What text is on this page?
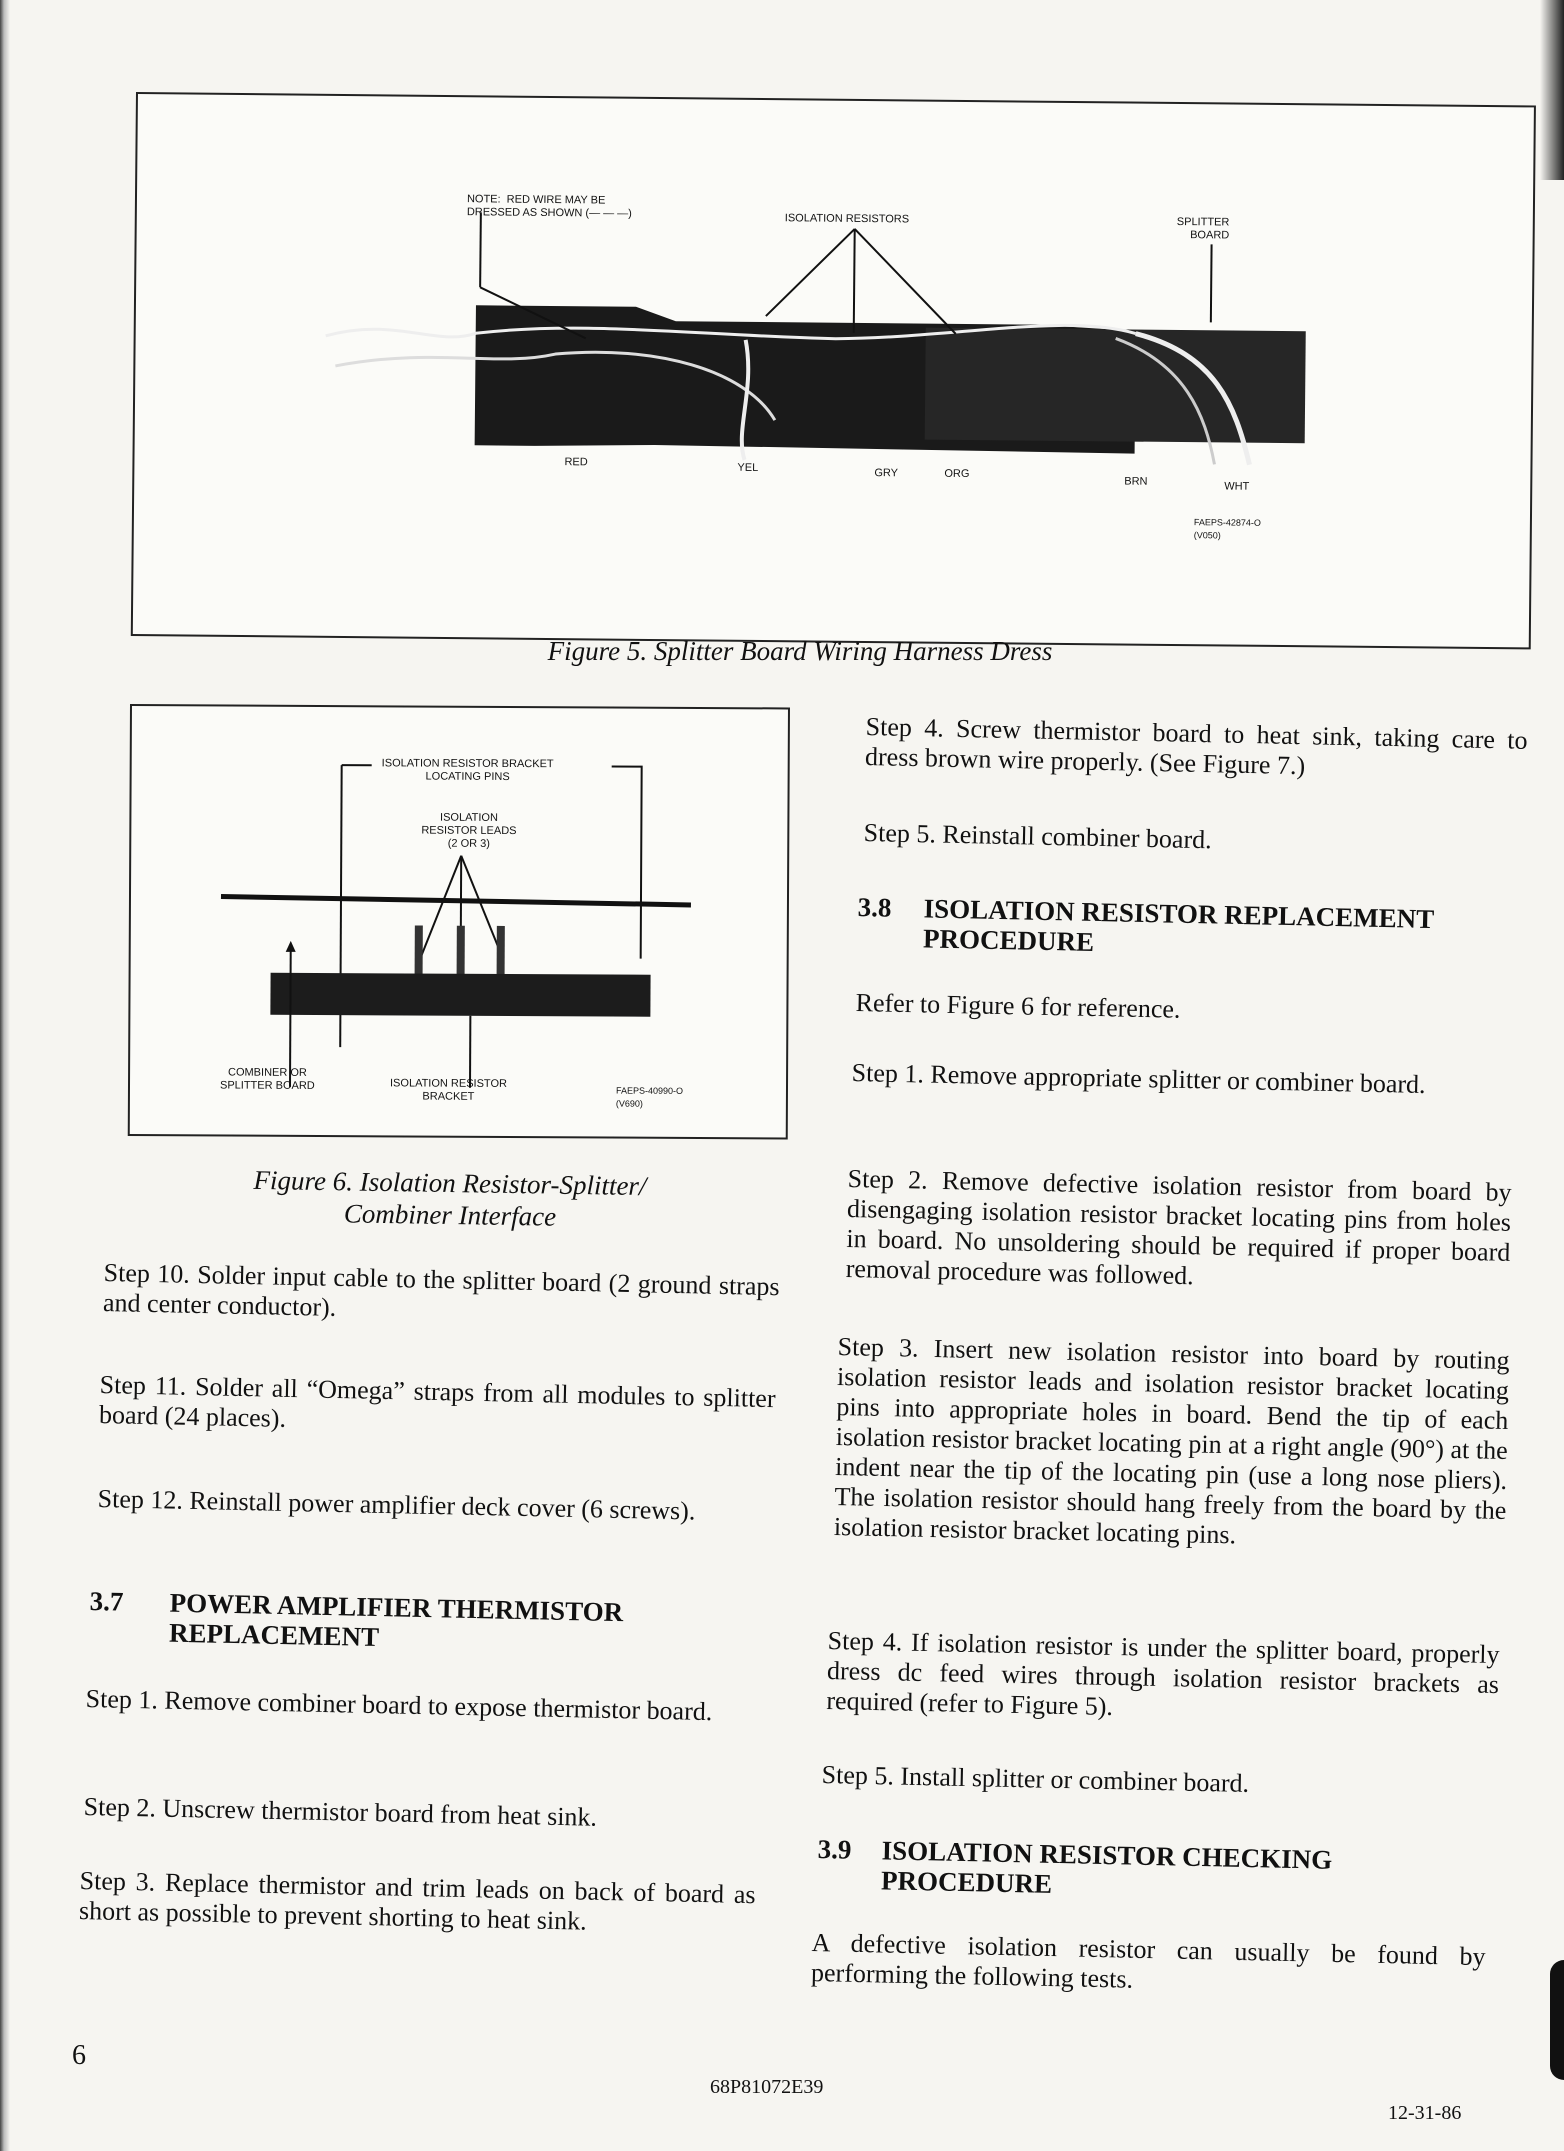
NOTE:  RED WIRE MAY BE
DRESSED AS SHOWN (— — —)	ISOLATION RESISTORS	SPLITTER
BOARD
RED	YEL	GRY	ORG
BRN	WHT
FAEPS-42874-O
(V050)
Figure 5. Splitter Board Wiring Harness Dress
ISOLATION RESISTOR BRACKET
LOCATING PINS
ISOLATION
RESISTOR LEADS
(2 OR 3)
COMBINER OR
SPLITTER BOARD	ISOLATION RESISTOR
BRACKET	FAEPS-40990-O
(V690)
Figure 6. Isolation Resistor-Splitter/
Combiner Interface
Step 10. Solder input cable to the splitter board (2 ground straps and center conductor).
Step 11. Solder all “Omega” straps from all modules to splitter board (24 places).
Step 12. Reinstall power amplifier deck cover (6 screws).
3.7 POWER AMPLIFIER THERMISTOR REPLACEMENT
Step 1. Remove combiner board to expose thermistor board.
Step 2. Unscrew thermistor board from heat sink.
Step 3. Replace thermistor and trim leads on back of board as short as possible to prevent shorting to heat sink.
Step 4. Screw thermistor board to heat sink, taking care to dress brown wire properly. (See Figure 7.)
Step 5. Reinstall combiner board.
3.8 ISOLATION RESISTOR REPLACEMENT PROCEDURE
Refer to Figure 6 for reference.
Step 1. Remove appropriate splitter or combiner board.
Step 2. Remove defective isolation resistor from board by disengaging isolation resistor bracket locating pins from holes in board. No unsoldering should be required if proper board removal procedure was followed.
Step 3. Insert new isolation resistor into board by routing isolation resistor leads and isolation resistor bracket locating pins into appropriate holes in board. Bend the tip of each isolation resistor bracket locating pin at a right angle (90°) at the indent near the tip of the locating pin (use a long nose pliers). The isolation resistor should hang freely from the board by the isolation resistor bracket locating pins.
Step 4. If isolation resistor is under the splitter board, properly dress dc feed wires through isolation resistor brackets as required (refer to Figure 5).
Step 5. Install splitter or combiner board.
3.9 ISOLATION RESISTOR CHECKING PROCEDURE
A defective isolation resistor can usually be found by performing the following tests.
6
68P81072E39
12-31-86
